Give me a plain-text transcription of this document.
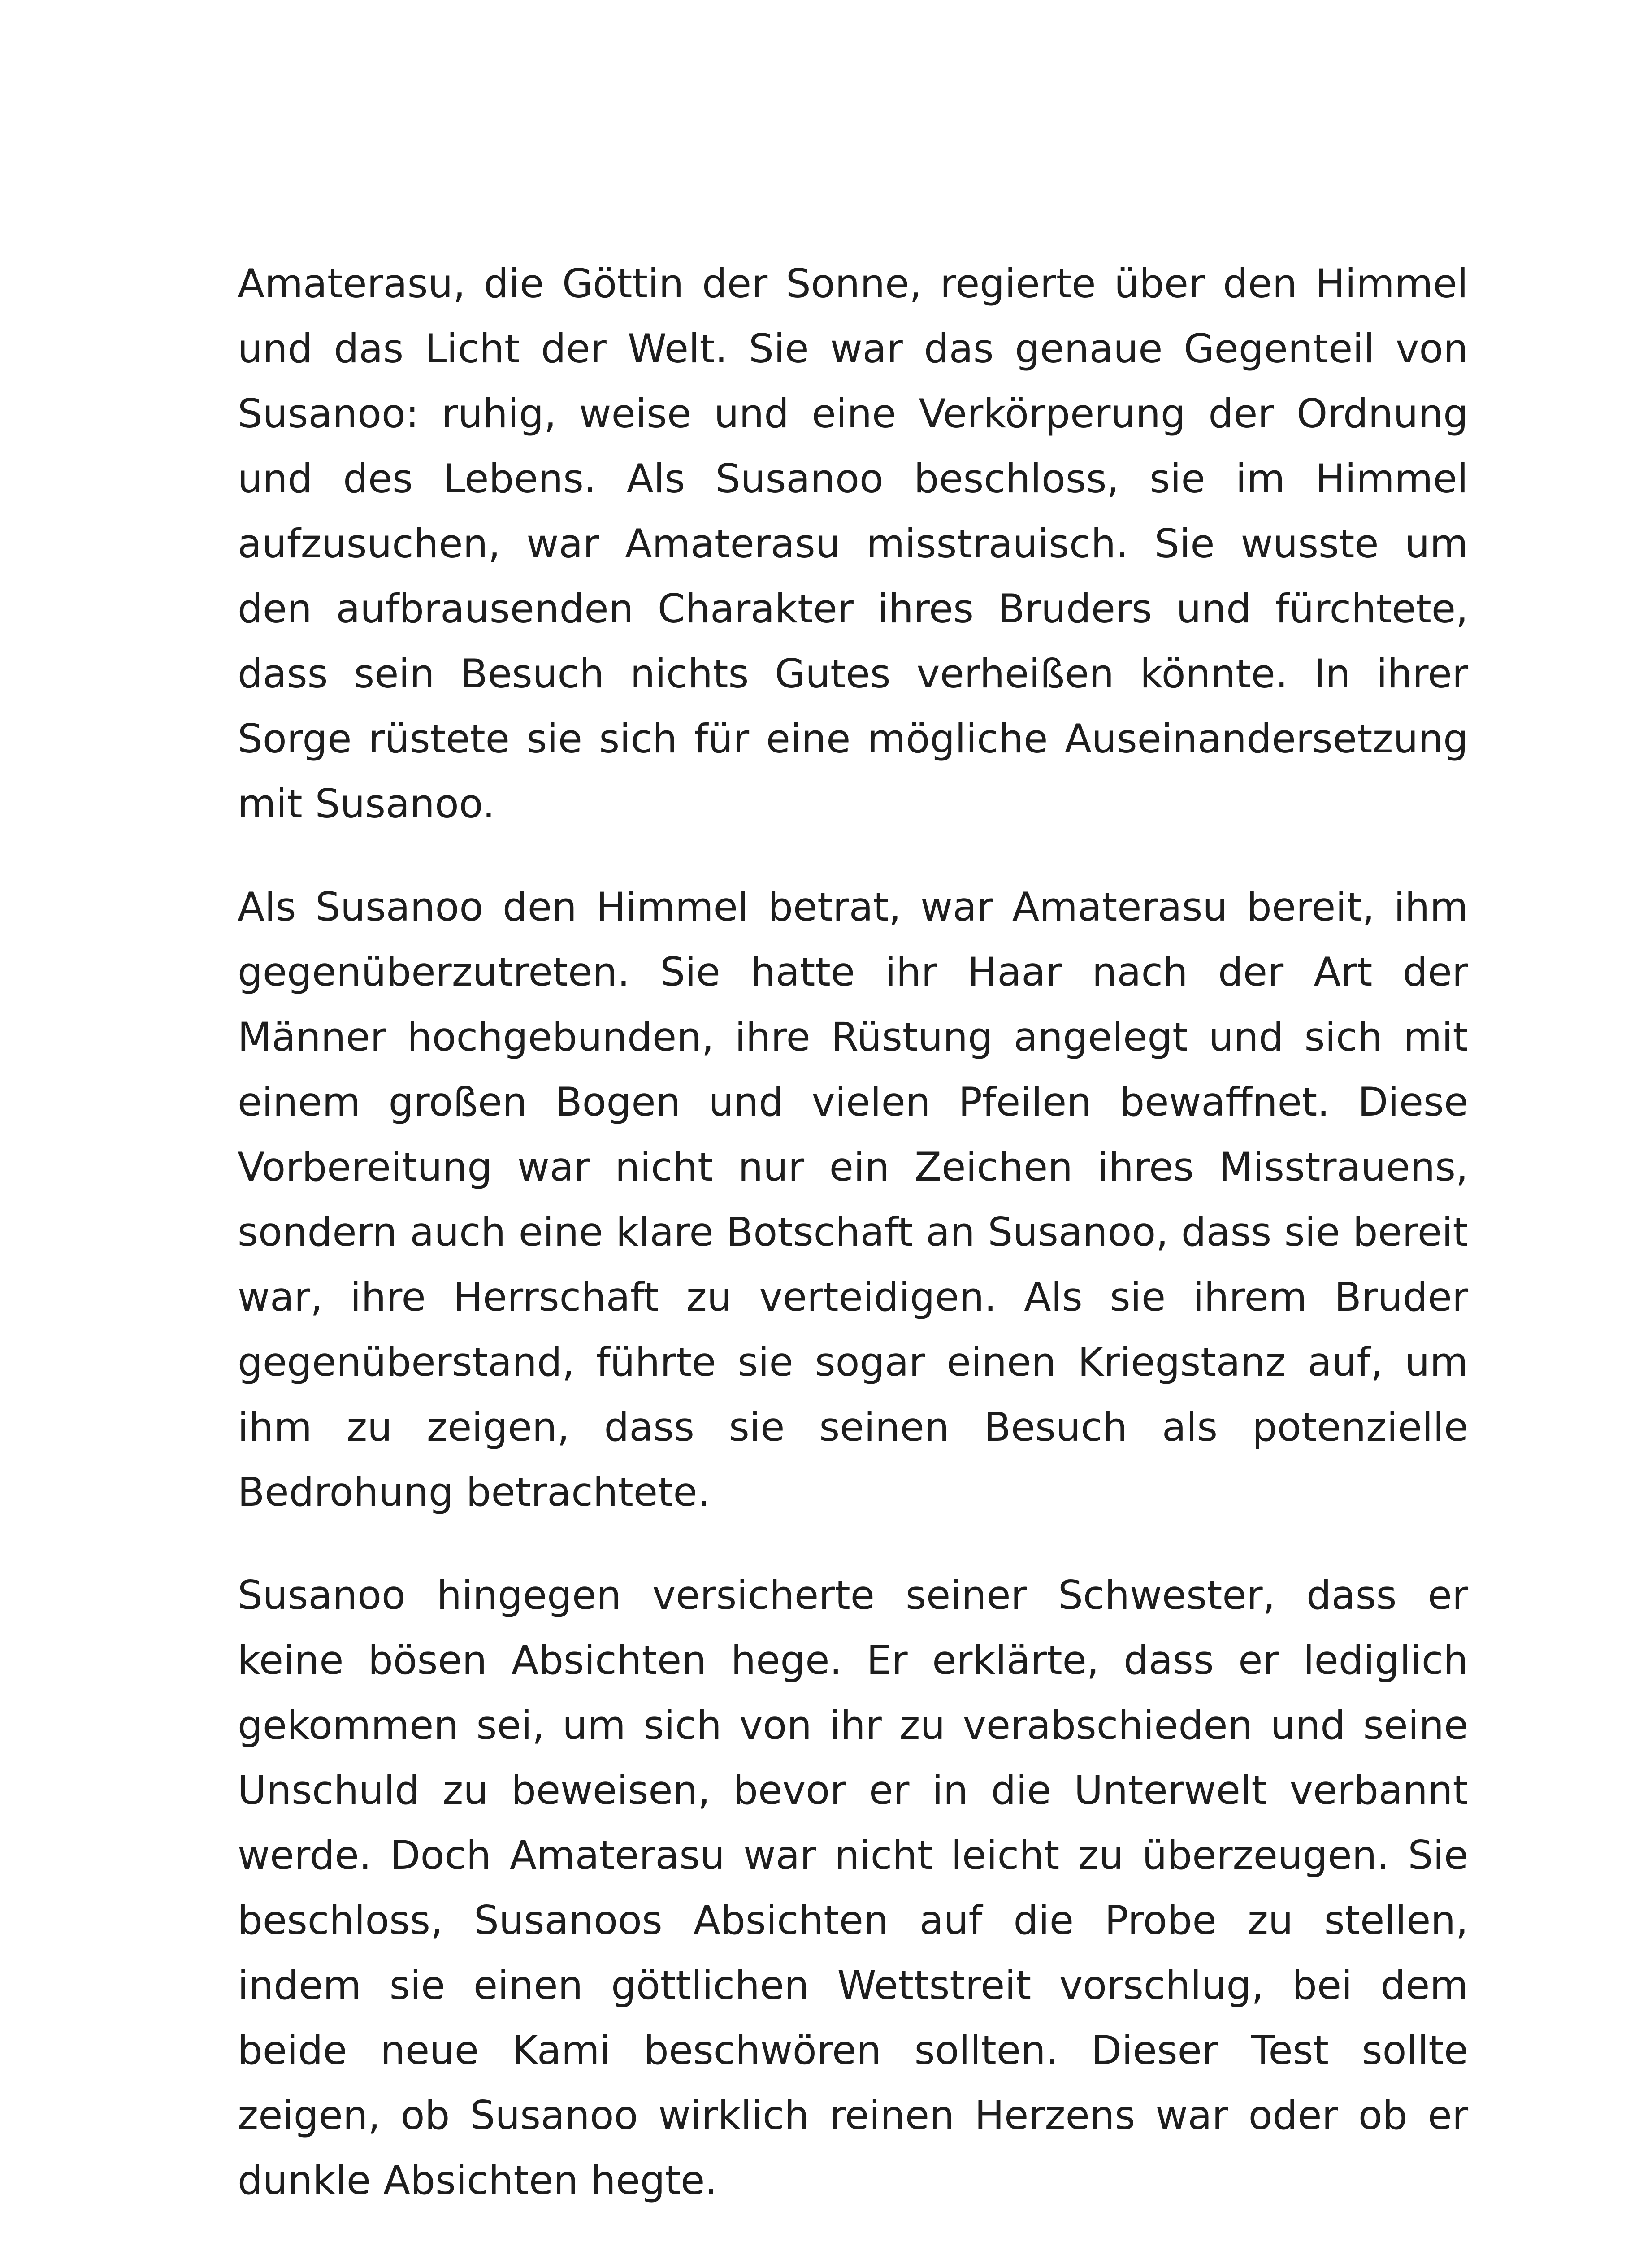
Amaterasu, die Göttin der Sonne, regierte über den Himmel und das Licht der Welt. Sie war das genaue Gegenteil von Susanoo: ruhig, weise und eine Verkörperung der Ordnung und des Lebens. Als Susanoo beschloss, sie im Himmel aufzusuchen, war Amaterasu misstrauisch. Sie wusste um den aufbrausenden Charakter ihres Bruders und fürchtete, dass sein Besuch nichts Gutes verheißen könnte. In ihrer Sorge rüstete sie sich für eine mögliche Auseinandersetzung mit Susanoo.

Als Susanoo den Himmel betrat, war Amaterasu bereit, ihm gegenüberzutreten. Sie hatte ihr Haar nach der Art der Männer hochgebunden, ihre Rüstung angelegt und sich mit einem großen Bogen und vielen Pfeilen bewaffnet. Diese Vorbereitung war nicht nur ein Zeichen ihres Misstrauens, sondern auch eine klare Botschaft an Susanoo, dass sie bereit war, ihre Herrschaft zu verteidigen. Als sie ihrem Bruder gegenüberstand, führte sie sogar einen Kriegstanz auf, um ihm zu zeigen, dass sie seinen Besuch als potenzielle Bedrohung betrachtete.

Susanoo hingegen versicherte seiner Schwester, dass er keine bösen Absichten hege. Er erklärte, dass er lediglich gekommen sei, um sich von ihr zu verabschieden und seine Unschuld zu beweisen, bevor er in die Unterwelt verbannt werde. Doch Amaterasu war nicht leicht zu überzeugen. Sie beschloss, Susanoos Absichten auf die Probe zu stellen, indem sie einen göttlichen Wettstreit vorschlug, bei dem beide neue Kami beschwören sollten. Dieser Test sollte zeigen, ob Susanoo wirklich reinen Herzens war oder ob er dunkle Absichten hegte.
